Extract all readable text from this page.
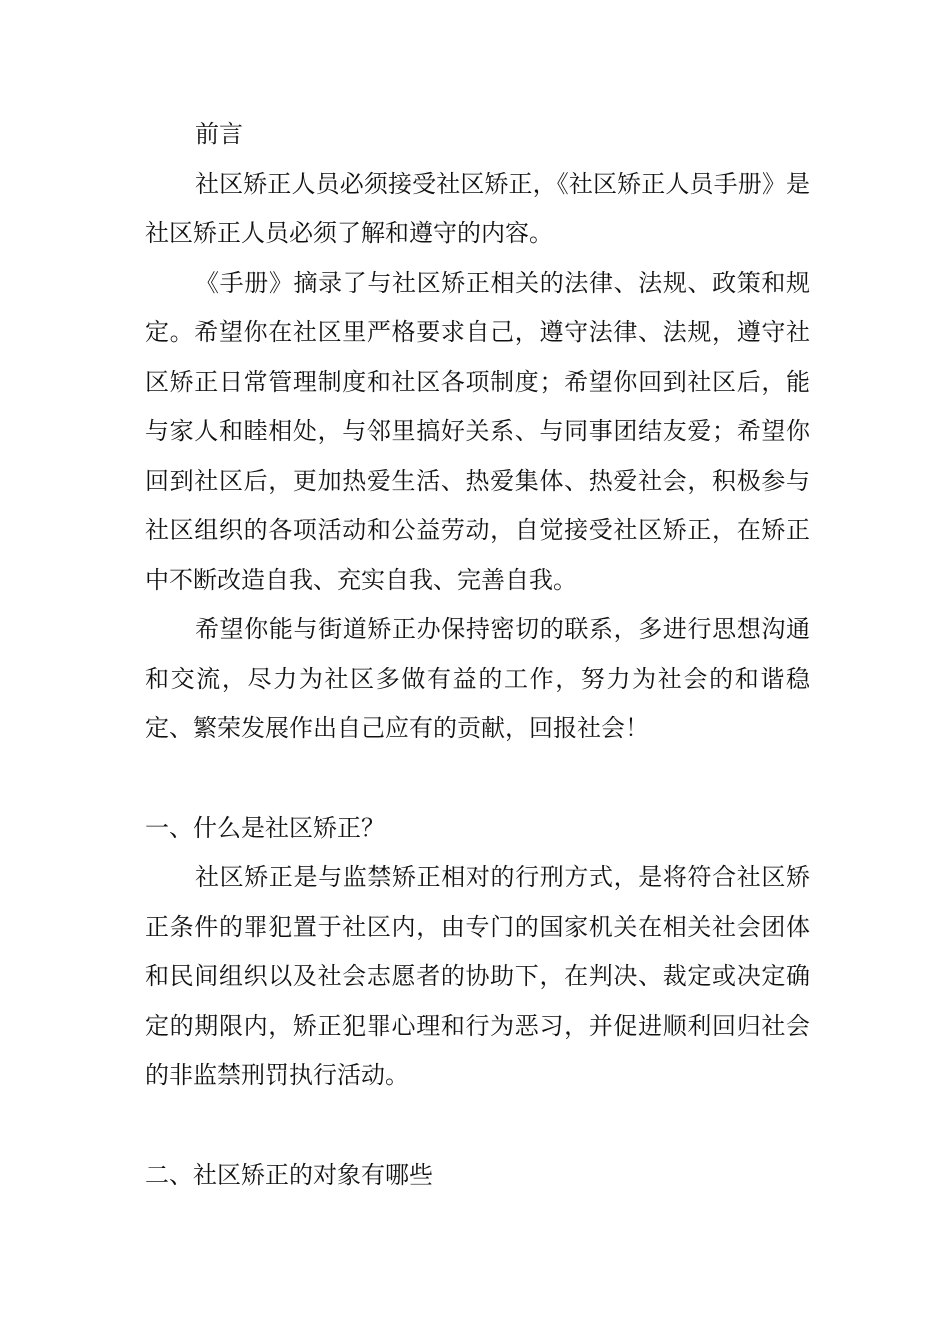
前言

社区矫正人员必须接受社区矫正，《社区矫正人员手册》是社区矫正人员必须了解和遵守的内容。

《手册》摘录了与社区矫正相关的法律、法规、政策和规定。希望你在社区里严格要求自己，遵守法律、法规，遵守社区矫正日常管理制度和社区各项制度；希望你回到社区后，能与家人和睦相处，与邻里搞好关系、与同事团结友爱；希望你回到社区后，更加热爱生活、热爱集体、热爱社会，积极参与社区组织的各项活动和公益劳动，自觉接受社区矫正，在矫正中不断改造自我、充实自我、完善自我。

希望你能与街道矫正办保持密切的联系，多进行思想沟通和交流，尽力为社区多做有益的工作，努力为社会的和谐稳定、繁荣发展作出自己应有的贡献，回报社会！

一、什么是社区矫正？

社区矫正是与监禁矫正相对的行刑方式，是将符合社区矫正条件的罪犯置于社区内，由专门的国家机关在相关社会团体和民间组织以及社会志愿者的协助下，在判决、裁定或决定确定的期限内，矫正犯罪心理和行为恶习，并促进顺利回归社会的非监禁刑罚执行活动。

二、社区矫正的对象有哪些
